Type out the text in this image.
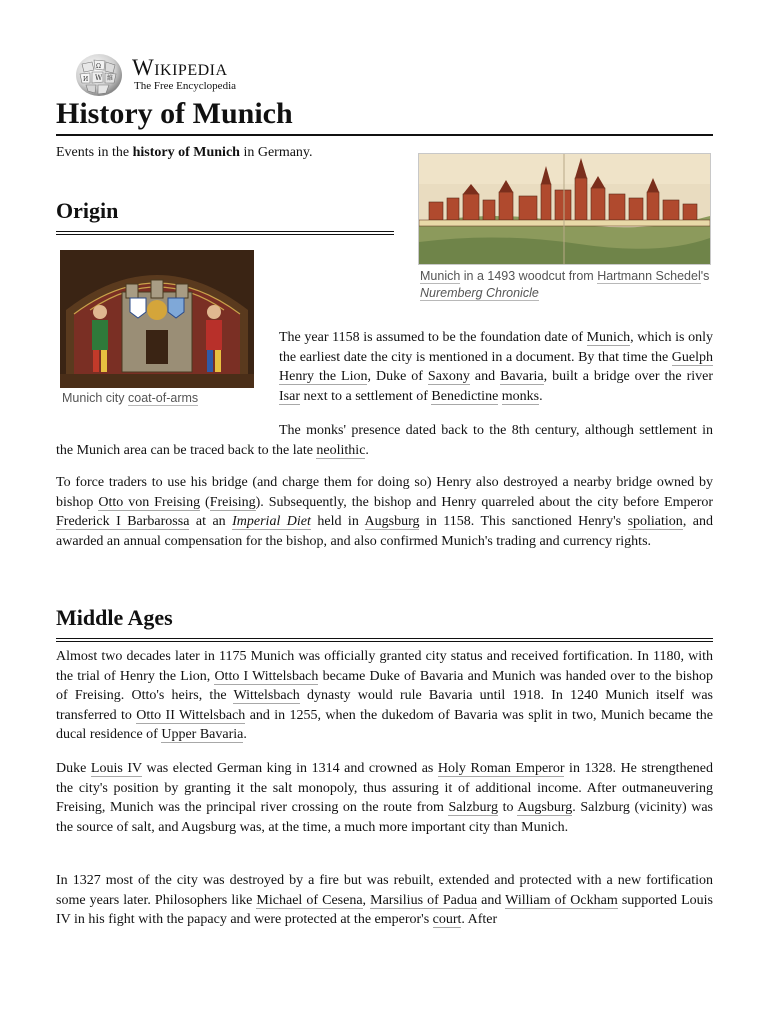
Ω
W
И	維 Wikipedia
The Free Encyclopedia
History of Munich
Events in the history of Munich in Germany.
Munich in a 1493 woodcut from Hartmann Schedel's Nuremberg Chronicle
Origin
Munich city coat-of-arms

The year 1158 is assumed to be the foundation date of Munich, which is only the earliest date the city is mentioned in a document. By that time the Guelph Henry the Lion, Duke of Saxony and Bavaria, built a bridge over the river Isar next to a settlement of Benedictine monks.

The monks' presence dated back to the 8th century, although settlement in the Munich area can be traced back to the late neolithic.

To force traders to use his bridge (and charge them for doing so) Henry also destroyed a nearby bridge owned by bishop Otto von Freising (Freising). Subsequently, the bishop and Henry quarreled about the city before Emperor Frederick I Barbarossa at an Imperial Diet held in Augsburg in 1158. This sanctioned Henry's spoliation, and awarded an annual compensation for the bishop, and also confirmed Munich's trading and currency rights.

Middle Ages

Almost two decades later in 1175 Munich was officially granted city status and received fortification. In 1180, with the trial of Henry the Lion, Otto I Wittelsbach became Duke of Bavaria and Munich was handed over to the bishop of Freising. Otto's heirs, the Wittelsbach dynasty would rule Bavaria until 1918. In 1240 Munich itself was transferred to Otto II Wittelsbach and in 1255, when the dukedom of Bavaria was split in two, Munich became the ducal residence of Upper Bavaria.

Duke Louis IV was elected German king in 1314 and crowned as Holy Roman Emperor in 1328. He strengthened the city's position by granting it the salt monopoly, thus assuring it of additional income. After outmaneuvering Freising, Munich was the principal river crossing on the route from Salzburg to Augsburg. Salzburg (vicinity) was the source of salt, and Augsburg was, at the time, a much more important city than Munich.

In 1327 most of the city was destroyed by a fire but was rebuilt, extended and protected with a new fortification some years later. Philosophers like Michael of Cesena, Marsilius of Padua and William of Ockham supported Louis IV in his fight with the papacy and were protected at the emperor's court. After
